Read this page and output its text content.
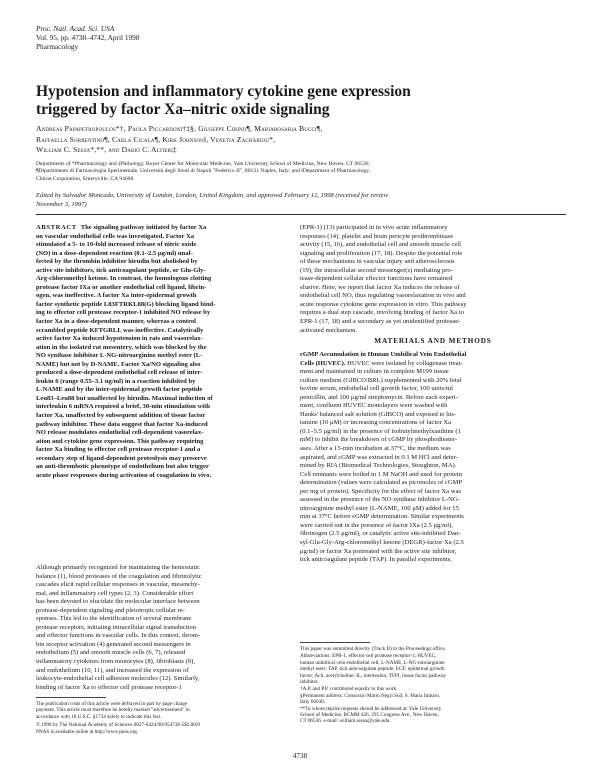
Proc. Natl. Acad. Sci. USA
Vol. 95, pp. 4738–4742, April 1998
Pharmacology
Hypotension and inflammatory cytokine gene expression
triggered by factor Xa–nitric oxide signaling
Andreas Papapetropoulos*†, Paola Piccardoni†‡§, Giuseppe Cirino¶, Mariarosaria Bucci¶,
Raffaella Sorrentino¶, Carla Cicala¶, Kirk Johnson‖, Venetia Zachariou*,
William C. Sessa*,**, and Dario C. Altieri‡
Departments of *Pharmacology and ‡Pathology, Boyer Center for Molecular Medicine, Yale University School of Medicine, New Haven, CT 06536;
¶Dipartimento di Farmacologia Sperimentale, Università degli Studi di Napoli "Federico II", 80131 Naples, Italy; and ‖Department of Pharmacology,
Chiron Corporation, Emeryville, CA 94608
Edited by Salvador Moncada, University of London, London, United Kingdom, and approved February 12, 1998 (received for review
November 3, 1997)
ABSTRACT The signaling pathway initiated by factor Xa
on vascular endothelial cells was investigated. Factor Xa
stimulated a 5- to 10-fold increased release of nitric oxide
(NO) in a dose-dependent reaction (0.1–2.5 μg/ml) unaf-
fected by the thrombin inhibitor hirudin but abolished by
active site inhibitors, tick anticoagulant peptide, or Glu-Gly-
Arg-chloromethyl ketone. In contrast, the homologous clotting
protease factor IXa or another endothelial cell ligand, fibrin-
ogen, was ineffective. A factor Xa inter-epidermal growth
factor synthetic peptide L83FTRKL88(G) blocking ligand bind-
ing to effector cell protease receptor-1 inhibited NO release by
factor Xa in a dose-dependent manner, whereas a control
scrambled peptide KFTGRLL was ineffective. Catalytically
active factor Xa induced hypotension in rats and vasorelax-
ation in the isolated rat mesentery, which was blocked by the
NO synthase inhibitor L-NG-nitroarginine methyl ester (L-
NAME) but not by D-NAME. Factor Xa/NO signaling also
produced a dose-dependent endothelial cell release of inter-
leukin 6 (range 0.55–3.1 ng/ml) in a reaction inhibited by
L-NAME and by the inter-epidermal growth factor peptide
Leu83–Leu88 but unaffected by hirudin. Maximal induction of
interleukin 6 mRNA required a brief, 30-min stimulation with
factor Xa, unaffected by subsequent addition of tissue factor
pathway inhibitor. These data suggest that factor Xa-induced
NO release modulates endothelial cell-dependent vasorelax-
ation and cytokine gene expression. This pathway requiring
factor Xa binding to effector cell protease receptor-1 and a
secondary step of ligand-dependent proteolysis may preserve
an anti-thrombotic phenotype of endothelium but also trigger
acute phase responses during activation of coagulation in vivo.
Although primarily recognized for maintaining the hemostatic
balance (1), blood proteases of the coagulation and fibrinolytic
cascades elicit rapid cellular responses in vascular, mesenchy-
mal, and inflammatory cell types (2, 3). Considerable effort
has been devoted to elucidate the molecular interface between
protease-dependent signaling and pleiotropic cellular re-
sponses. This led to the identification of several membrane
protease receptors, initiating intracellular signal transduction
and effector functions in vascular cells. In this context, throm-
bin receptor activation (4) generated second messengers in
endothelium (5) and smooth muscle cells (6, 7), released
inflammatory cytokines from monocytes (8), fibroblasts (9),
and endothelium (10, 11), and increased the expression of
leukocyte-endothelial cell adhesion molecules (12). Similarly,
binding of factor Xa to effector cell protease receptor-1

The publication costs of this article were defrayed in part by page charge
payment. This article must therefore be hereby marked "advertisement" in
accordance with 18 U.S.C. §1734 solely to indicate this fact.

© 1998 by The National Academy of Sciences 0027-8424/98/954738-5$2.00/0
PNAS is available online at http://www.pnas.org.

(EPR-1) (13) participated in in vivo acute inflammatory
responses (14), platelet and brain pericyte prothrombinase
activity (15, 16), and endothelial cell and smooth muscle cell
signaling and proliferation (17, 18). Despite the potential role
of these mechanisms in vascular injury and atherosclerosis
(19), the intracellular second messenger(s) mediating pro-
tease-dependent cellular effector functions have remained
elusive. Here, we report that factor Xa induces the release of
endothelial cell NO, thus regulating vasorelaxation in vivo and
acute response cytokine gene expression in vitro. This pathway
requires a dual step cascade, involving binding of factor Xa to
EPR-1 (17, 18) and a secondary as yet unidentified protease-
activated mechanism.
MATERIALS AND METHODS
cGMP Accumulation in Human Umbilical Vein Endothelial
Cells (HUVEC). HUVEC were isolated by collagenase treat-
ment and maintained in culture in complete M199 tissue
culture medium (GIBCO/BRL) supplemented with 20% fetal
bovine serum, endothelial cell growth factor, 100 units/ml
penicillin, and 100 μg/ml streptomycin. Before each experi-
ment, confluent HUVEC monolayers were washed with
Hanks' balanced salt solution (GIBCO) and exposed to his-
tamine (10 μM) or increasing concentrations of factor Xa
(0.1–5.5 μg/ml) in the presence of isobutylmethylxanthine (1
mM) to inhibit the breakdown of cGMP by phosphodiester-
ases. After a 15-min incubation at 37°C, the medium was
aspirated, and cGMP was extracted in 0.1 M HCl and deter-
mined by RIA (Biomedical Technologies, Stoughton, MA).
Cell remnants were boiled in 1 M NaOH and used for protein
determination (values were calculated as picomoles of cGMP
per mg of protein). Specificity for the effect of factor Xa was
assessed in the presence of the NO synthase inhibitor L-NG-
nitroarginine methyl ester (L-NAME, 100 μM) added for 15
min at 37°C before cGMP determination. Similar experiments
were carried out in the presence of factor IXa (2.5 μg/ml),
fibrinogen (2.5 μg/ml), or catalytic active site-inhibited Dan-
syl-Glu-Gly-Arg-chloromethyl ketone (DEGR)-factor Xa (2.5
μg/ml) or factor Xa pretreated with the active site inhibitor,
tick anticoagulant peptide (TAP). In parallel experiments,

This paper was submitted directly (Track II) to the Proceedings office.

Abbreviations: EPR-1, effector cell protease receptor-1; HUVEC,
human umbilical vein endothelial cell; L-NAME, L-NG-nitroarginine
methyl ester; TAP, tick anticoagulant peptide; EGF, epidermal growth
factor; Ach, acetylcholine; IL, interleukin; TFPI, tissue factor pathway
inhibitor.

†A.P. and P.P. contributed equally to this work.
§Permanent address: Consorzio Mario Negri Sud, S. Maria Imbaro,
Italy 66030.
**To whom reprint requests should be addressed at: Yale University
School of Medicine, BCMM 436, 295 Congress Ave., New Haven,
CT 06536. e-mail: william.sessa@yale.edu.

4738
